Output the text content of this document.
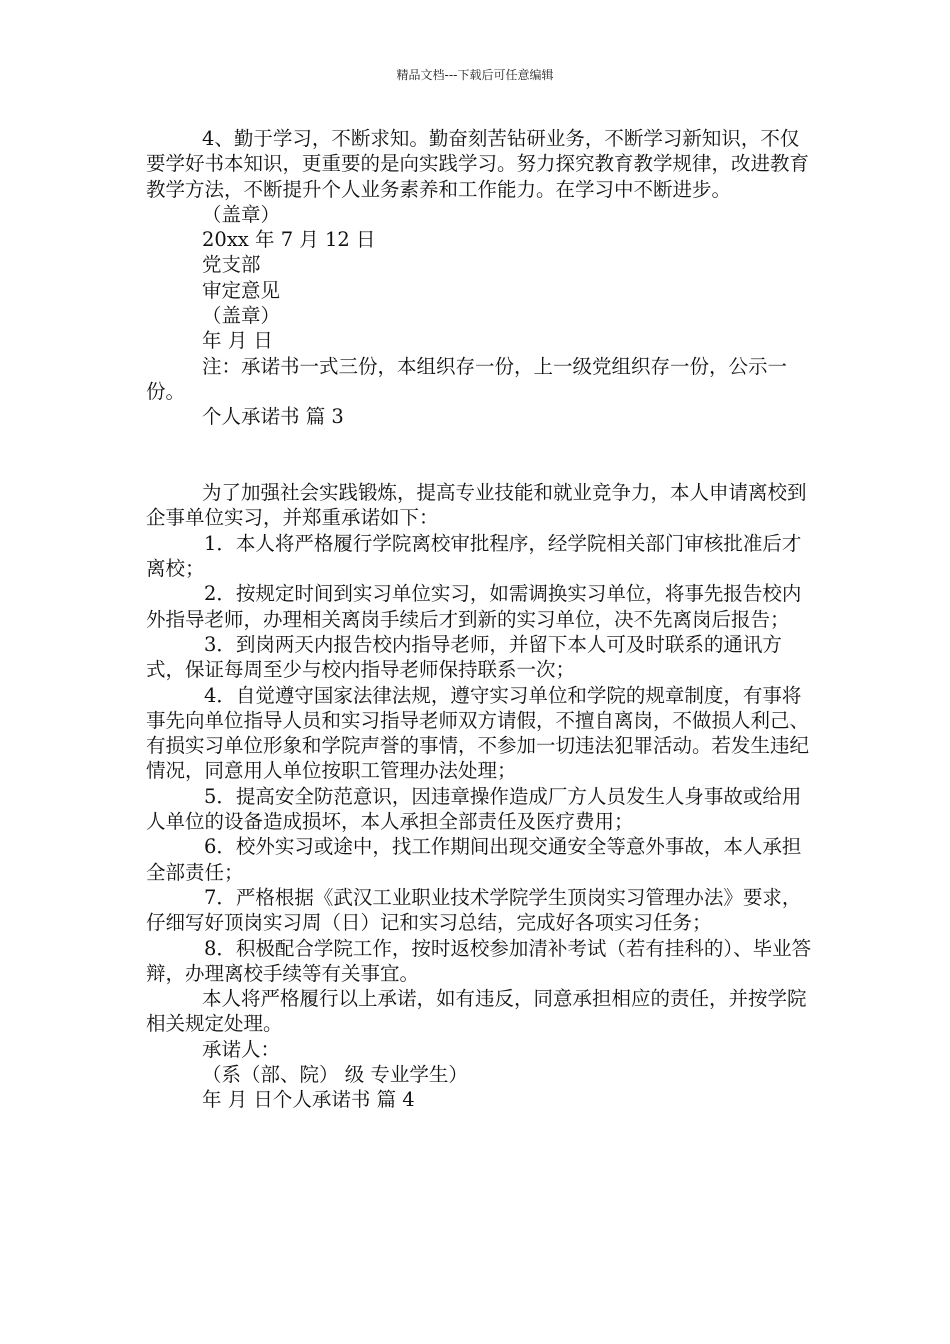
精品文档---下载后可任意编辑

4、勤于学习，不断求知。勤奋刻苦钻研业务，不断学习新知识，不仅要学好书本知识，更重要的是向实践学习。努力探究教育教学规律，改进教育教学方法，不断提升个人业务素养和工作能力。在学习中不断进步。

（盖章）

20xx 年 7 月 12 日

党支部

审定意见

（盖章）

年 月 日

注：承诺书一式三份，本组织存一份，上一级党组织存一份，公示一份。

个人承诺书 篇 3

为了加强社会实践锻炼，提高专业技能和就业竞争力，本人申请离校到企事单位实习，并郑重承诺如下：

1．本人将严格履行学院离校审批程序，经学院相关部门审核批准后才离校；

2．按规定时间到实习单位实习，如需调换实习单位，将事先报告校内外指导老师，办理相关离岗手续后才到新的实习单位，决不先离岗后报告；

3．到岗两天内报告校内指导老师，并留下本人可及时联系的通讯方式，保证每周至少与校内指导老师保持联系一次；

4．自觉遵守国家法律法规，遵守实习单位和学院的规章制度，有事将事先向单位指导人员和实习指导老师双方请假，不擅自离岗，不做损人利己、有损实习单位形象和学院声誉的事情，不参加一切违法犯罪活动。若发生违纪情况，同意用人单位按职工管理办法处理；

5．提高安全防范意识，因违章操作造成厂方人员发生人身事故或给用人单位的设备造成损坏，本人承担全部责任及医疗费用；

6．校外实习或途中，找工作期间出现交通安全等意外事故，本人承担全部责任；

7．严格根据《武汉工业职业技术学院学生顶岗实习管理办法》要求，仔细写好顶岗实习周（日）记和实习总结，完成好各项实习任务；

8．积极配合学院工作，按时返校参加清补考试（若有挂科的）、毕业答辩，办理离校手续等有关事宜。

本人将严格履行以上承诺，如有违反，同意承担相应的责任，并按学院相关规定处理。

承诺人：

（系（部、院） 级 专业学生）

年 月 日个人承诺书 篇 4
